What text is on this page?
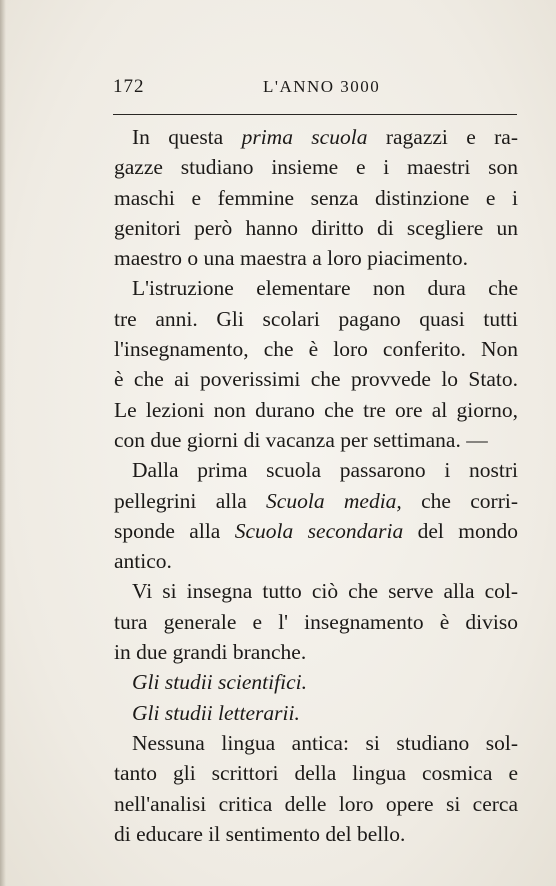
172	L'ANNO 3000
In questa prima scuola ragazzi e ra-
gazze studiano insieme e i maestri son
maschi e femmine senza distinzione e i
genitori però hanno diritto di scegliere un
maestro o una maestra a loro piacimento.
L'istruzione elementare non dura che
tre anni. Gli scolari pagano quasi tutti
l'insegnamento, che è loro conferito. Non
è che ai poverissimi che provvede lo Stato.
Le lezioni non durano che tre ore al giorno,
con due giorni di vacanza per settimana. —
Dalla prima scuola passarono i nostri
pellegrini alla Scuola media, che corri-
sponde alla Scuola secondaria del mondo
antico.
Vi si insegna tutto ciò che serve alla col-
tura generale e l' insegnamento è diviso
in due grandi branche.
Gli studii scientifici.
Gli studii letterarii.
Nessuna lingua antica: si studiano sol-
tanto gli scrittori della lingua cosmica e
nell'analisi critica delle loro opere si cerca
di educare il sentimento del bello.
